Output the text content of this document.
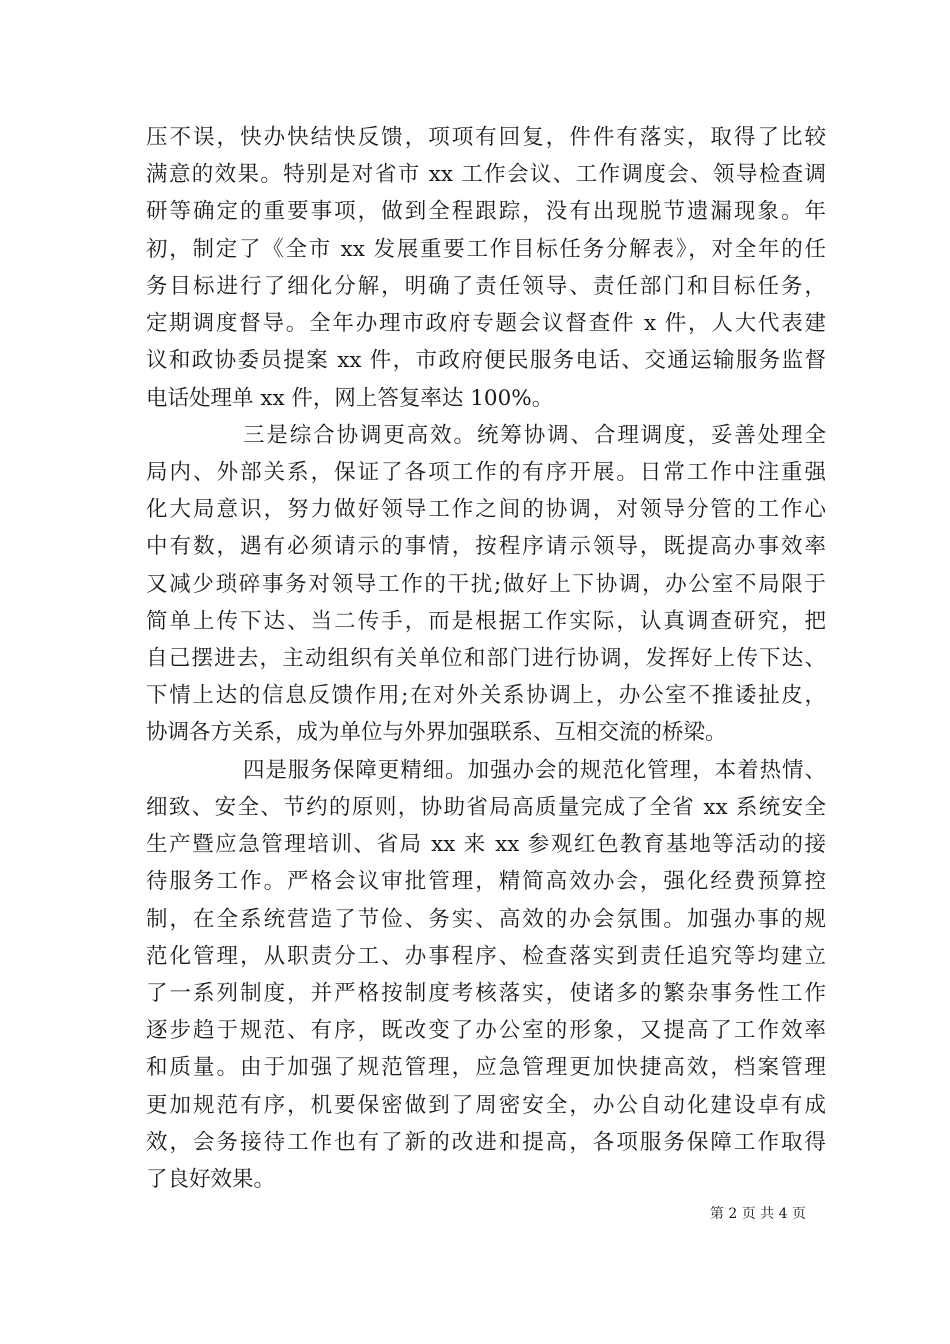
压不误，快办快结快反馈，项项有回复，件件有落实，取得了比较
满意的效果。特别是对省市 xx 工作会议、工作调度会、领导检查调
研等确定的重要事项，做到全程跟踪，没有出现脱节遗漏现象。年
初，制定了《全市 xx 发展重要工作目标任务分解表》，对全年的任
务目标进行了细化分解，明确了责任领导、责任部门和目标任务，
定期调度督导。全年办理市政府专题会议督查件 x 件，人大代表建
议和政协委员提案 xx 件，市政府便民服务电话、交通运输服务监督
电话处理单 xx 件，网上答复率达 100%。
三是综合协调更高效。统筹协调、合理调度，妥善处理全
局内、外部关系，保证了各项工作的有序开展。日常工作中注重强
化大局意识，努力做好领导工作之间的协调，对领导分管的工作心
中有数，遇有必须请示的事情，按程序请示领导，既提高办事效率
又减少琐碎事务对领导工作的干扰;做好上下协调，办公室不局限于
简单上传下达、当二传手，而是根据工作实际，认真调查研究，把
自己摆进去，主动组织有关单位和部门进行协调，发挥好上传下达、
下情上达的信息反馈作用;在对外关系协调上，办公室不推诿扯皮，
协调各方关系，成为单位与外界加强联系、互相交流的桥梁。
四是服务保障更精细。加强办会的规范化管理，本着热情、
细致、安全、节约的原则，协助省局高质量完成了全省 xx 系统安全
生产暨应急管理培训、省局 xx 来 xx 参观红色教育基地等活动的接
待服务工作。严格会议审批管理，精简高效办会，强化经费预算控
制，在全系统营造了节俭、务实、高效的办会氛围。加强办事的规
范化管理，从职责分工、办事程序、检查落实到责任追究等均建立
了一系列制度，并严格按制度考核落实，使诸多的繁杂事务性工作
逐步趋于规范、有序，既改变了办公室的形象，又提高了工作效率
和质量。由于加强了规范管理，应急管理更加快捷高效，档案管理
更加规范有序，机要保密做到了周密安全，办公自动化建设卓有成
效，会务接待工作也有了新的改进和提高，各项服务保障工作取得
了良好效果。
第 2 页 共 4 页
